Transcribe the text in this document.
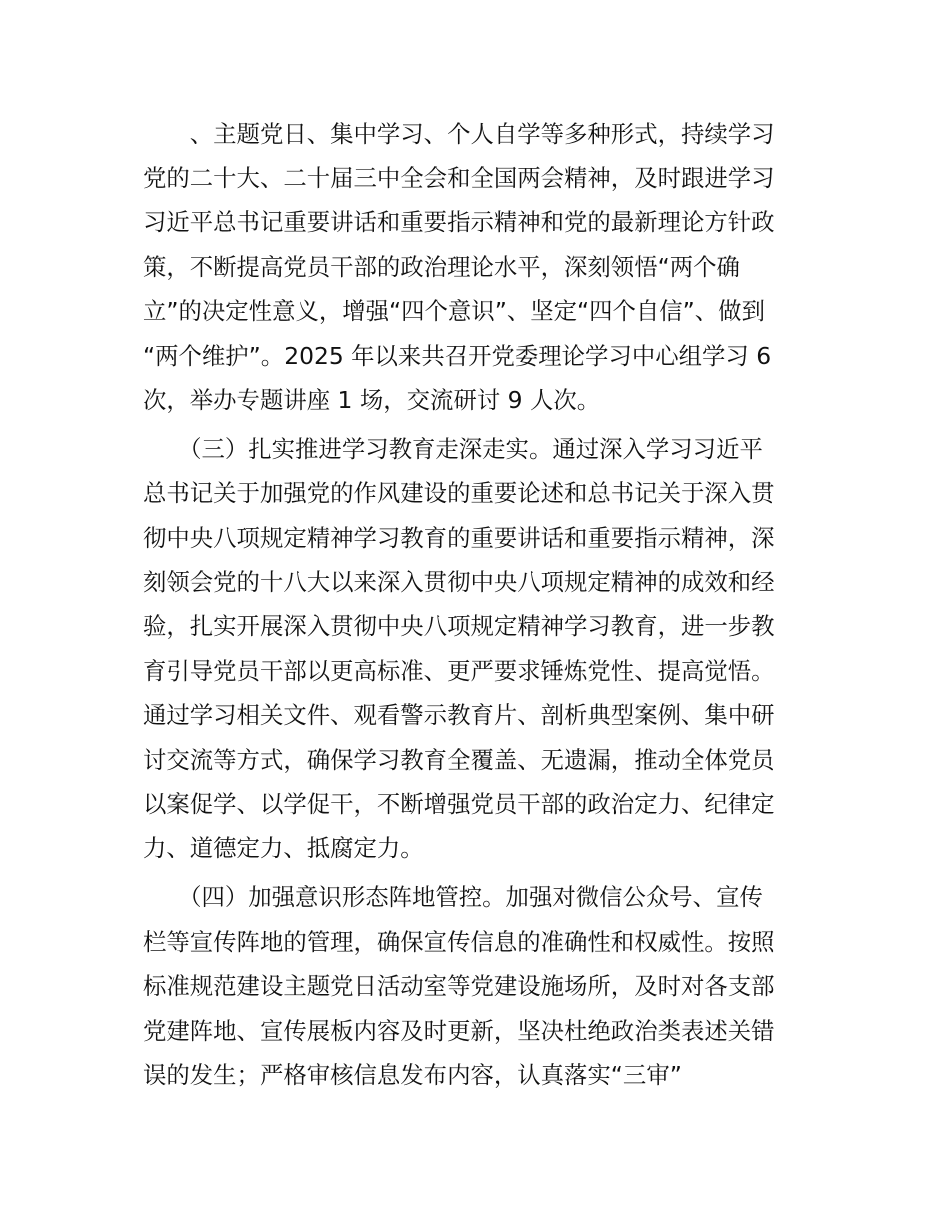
　　、主题党日、集中学习、个人自学等多种形式，持续学习
党的二十大、二十届三中全会和全国两会精神，及时跟进学习
习近平总书记重要讲话和重要指示精神和党的最新理论方针政
策，不断提高党员干部的政治理论水平，深刻领悟“两个确
立”的决定性意义，增强“四个意识”、坚定“四个自信”、做到
“两个维护”。2025 年以来共召开党委理论学习中心组学习 6
次，举办专题讲座 1 场，交流研讨 9 人次。
　　（三）扎实推进学习教育走深走实。通过深入学习习近平
总书记关于加强党的作风建设的重要论述和总书记关于深入贯
彻中央八项规定精神学习教育的重要讲话和重要指示精神，深
刻领会党的十八大以来深入贯彻中央八项规定精神的成效和经
验，扎实开展深入贯彻中央八项规定精神学习教育，进一步教
育引导党员干部以更高标准、更严要求锤炼党性、提高觉悟。
通过学习相关文件、观看警示教育片、剖析典型案例、集中研
讨交流等方式，确保学习教育全覆盖、无遗漏，推动全体党员
以案促学、以学促干，不断增强党员干部的政治定力、纪律定
力、道德定力、抵腐定力。
　　（四）加强意识形态阵地管控。加强对微信公众号、宣传
栏等宣传阵地的管理，确保宣传信息的准确性和权威性。按照
标准规范建设主题党日活动室等党建设施场所，及时对各支部
党建阵地、宣传展板内容及时更新，坚决杜绝政治类表述关错
误的发生；严格审核信息发布内容，认真落实“三审”
